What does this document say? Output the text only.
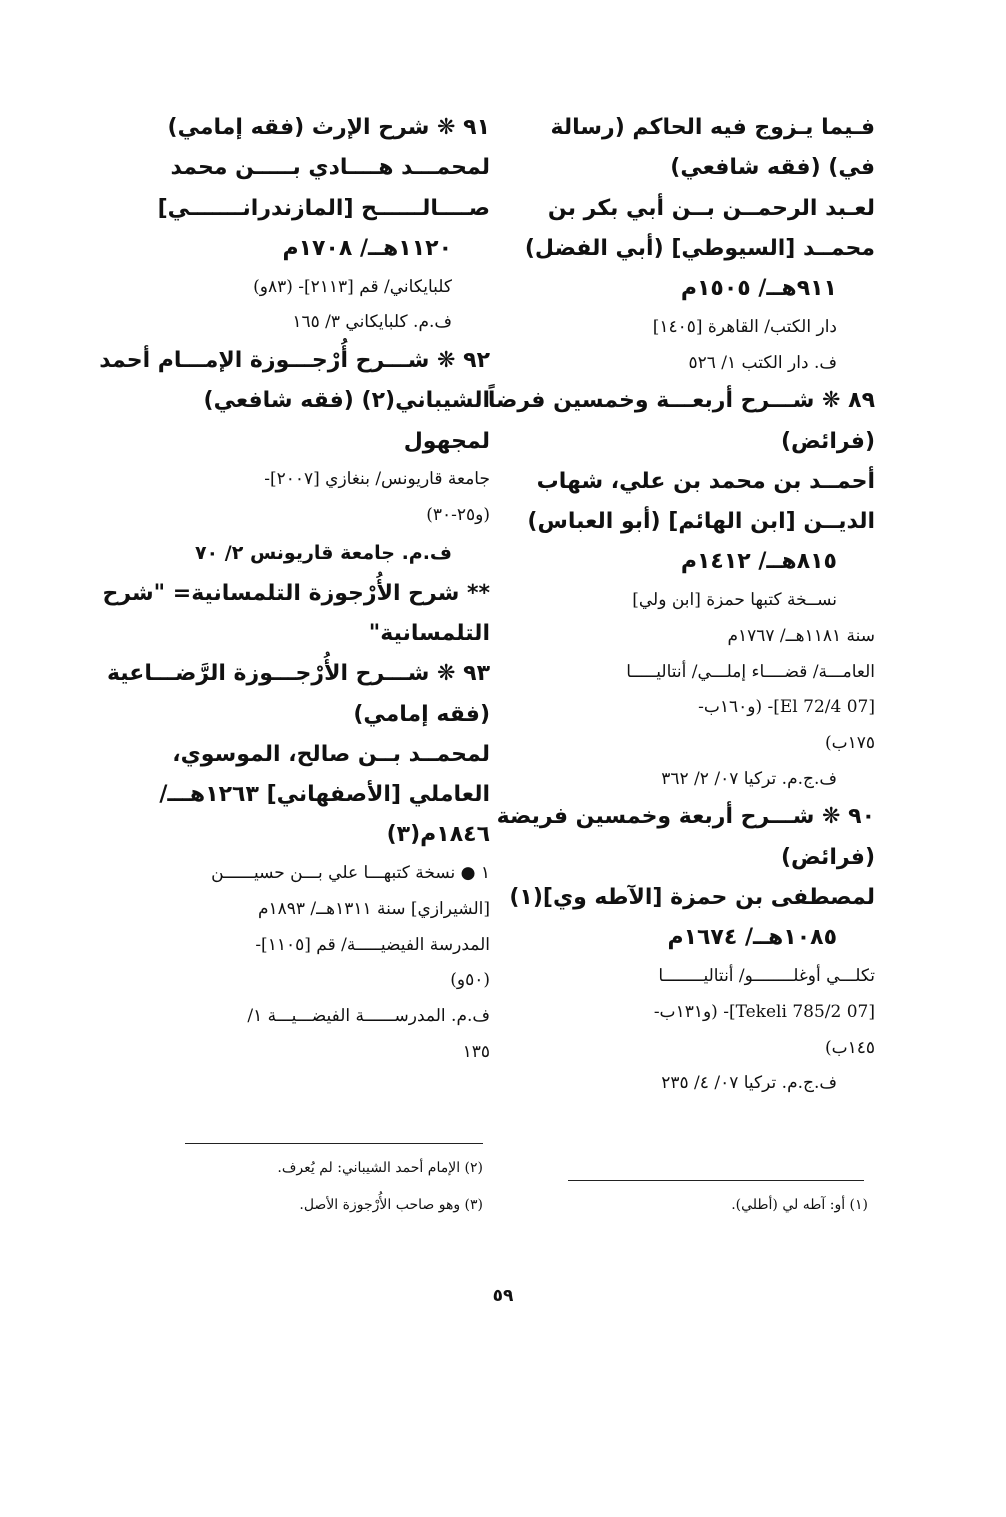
فـيما يـزوج فيه الحاكم (رسالة
في) (فقه شافعي)
لعـبد الرحمــن بــن أبي بكر بن
محمــد [السيوطي] (أبي الفضل)
٩١١هــ/ ١٥٠٥م
دار الكتب/ القاهرة [١٤٠٥]
ف. دار الكتب ١/ ٥٢٦
٨٩ ❋ شـــرح أربعـــة وخمسين فرضاً
(فرائض)
أحمــد بن محمد بن علي، شهاب
الديــن [ابن الهائم] (أبو العباس)
٨١٥هــ/ ١٤١٢م
نســخة كتبها حمزة [ابن ولي]
سنة ١١٨١هــ/ ١٧٦٧م
العامـــة/ قضــــاء إملـــي/ أنتاليـــــا
[07 El 72/4]- (و١٦٠ب-
١٧٥ب)
ف.ج.م. تركيا ٠٧/ ٢/ ٣٦٢
٩٠ ❋ شـــرح أربعة وخمسين فريضة
(فرائض)
لمصطفى بن حمزة [الآطه وي](١)
١٠٨٥هــ/ ١٦٧٤م
تكلـــي أوغلــــــــو/ أنتاليــــــــا
[07 Tekeli 785/2]- (و١٣١ب-
١٤٥ب)
ف.ج.م. تركيا ٠٧/ ٤/ ٢٣٥
٩١ ❋ شرح الإرث (فقه إمامي)
لمحمـــد هــــادي بـــــن محمد
صــــالــــــح [المازندرانـــــــي]
١١٢٠هــ/ ١٧٠٨م
كلبايكاني/ قم [٢١١٣]- (٨٣و)
ف.م. كلبايكاني ٣/ ١٦٥
٩٢ ❋ شـــرح أُرْجـــوزة الإمـــام أحمد
الشيباني(٢) (فقه شافعي)
لمجهول
جامعة قاريونس/ بنغازي [٢٠٠٧]-
(و٢٥-٣٠)
ف.م. جامعة قاريونس ٢/ ٧٠
** شرح الأُرْجوزة التلمسانية= "شرح
التلمسانية"
٩٣ ❋ شـــرح الأُرْجـــوزة الرَّضـــاعية
(فقه إمامي)
لمحمــد بــن صالح، الموسوي،
العاملي [الأصفهاني] ١٢٦٣هـــ/
١٨٤٦م(٣)
١ ● نسخة كتبهـــا علي بـــن حسيــــــن
[الشيرازي] سنة ١٣١١هــ/ ١٨٩٣م
المدرسة الفيضيـــــة/ قم [١١٠٥]-
(٥٠و)
ف.م. المدرســــــة الفيضـــيـــة ١/
١٣٥
(٢) الإمام أحمد الشيباني: لم يُعرف.
(٣) وهو صاحب الأُرْجوزة الأصل.	(١) أو: آطه لي (أطلي).
٥٩
